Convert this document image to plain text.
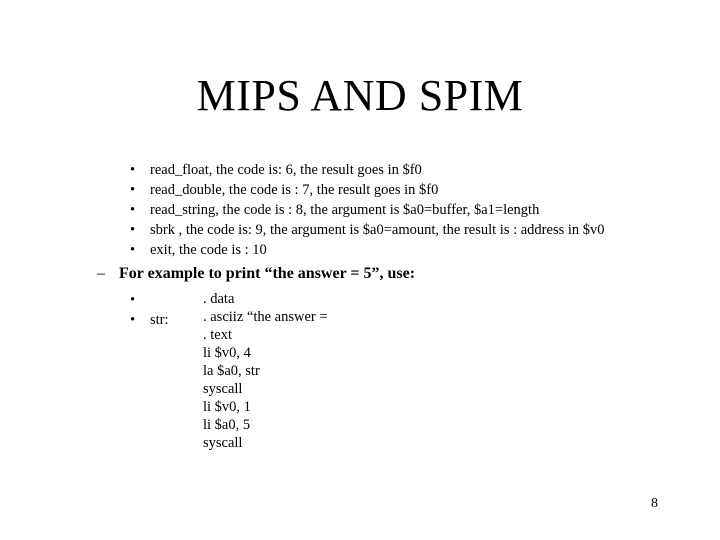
MIPS AND SPIM
• read_float, the code is: 6, the result goes in $f0
• read_double, the code is : 7, the result goes in $f0
• read_string, the code is : 8, the argument is $a0=buffer, $a1=length
• sbrk , the code is: 9, the argument is $a0=amount, the result is : address in $v0
• exit, the code is : 10
– For example to print “the answer = 5”, use:
•
• str:
. data
. asciiz “the answer =
. text
li $v0, 4
la $a0, str
syscall
li $v0, 1
li $a0, 5
syscall
8
